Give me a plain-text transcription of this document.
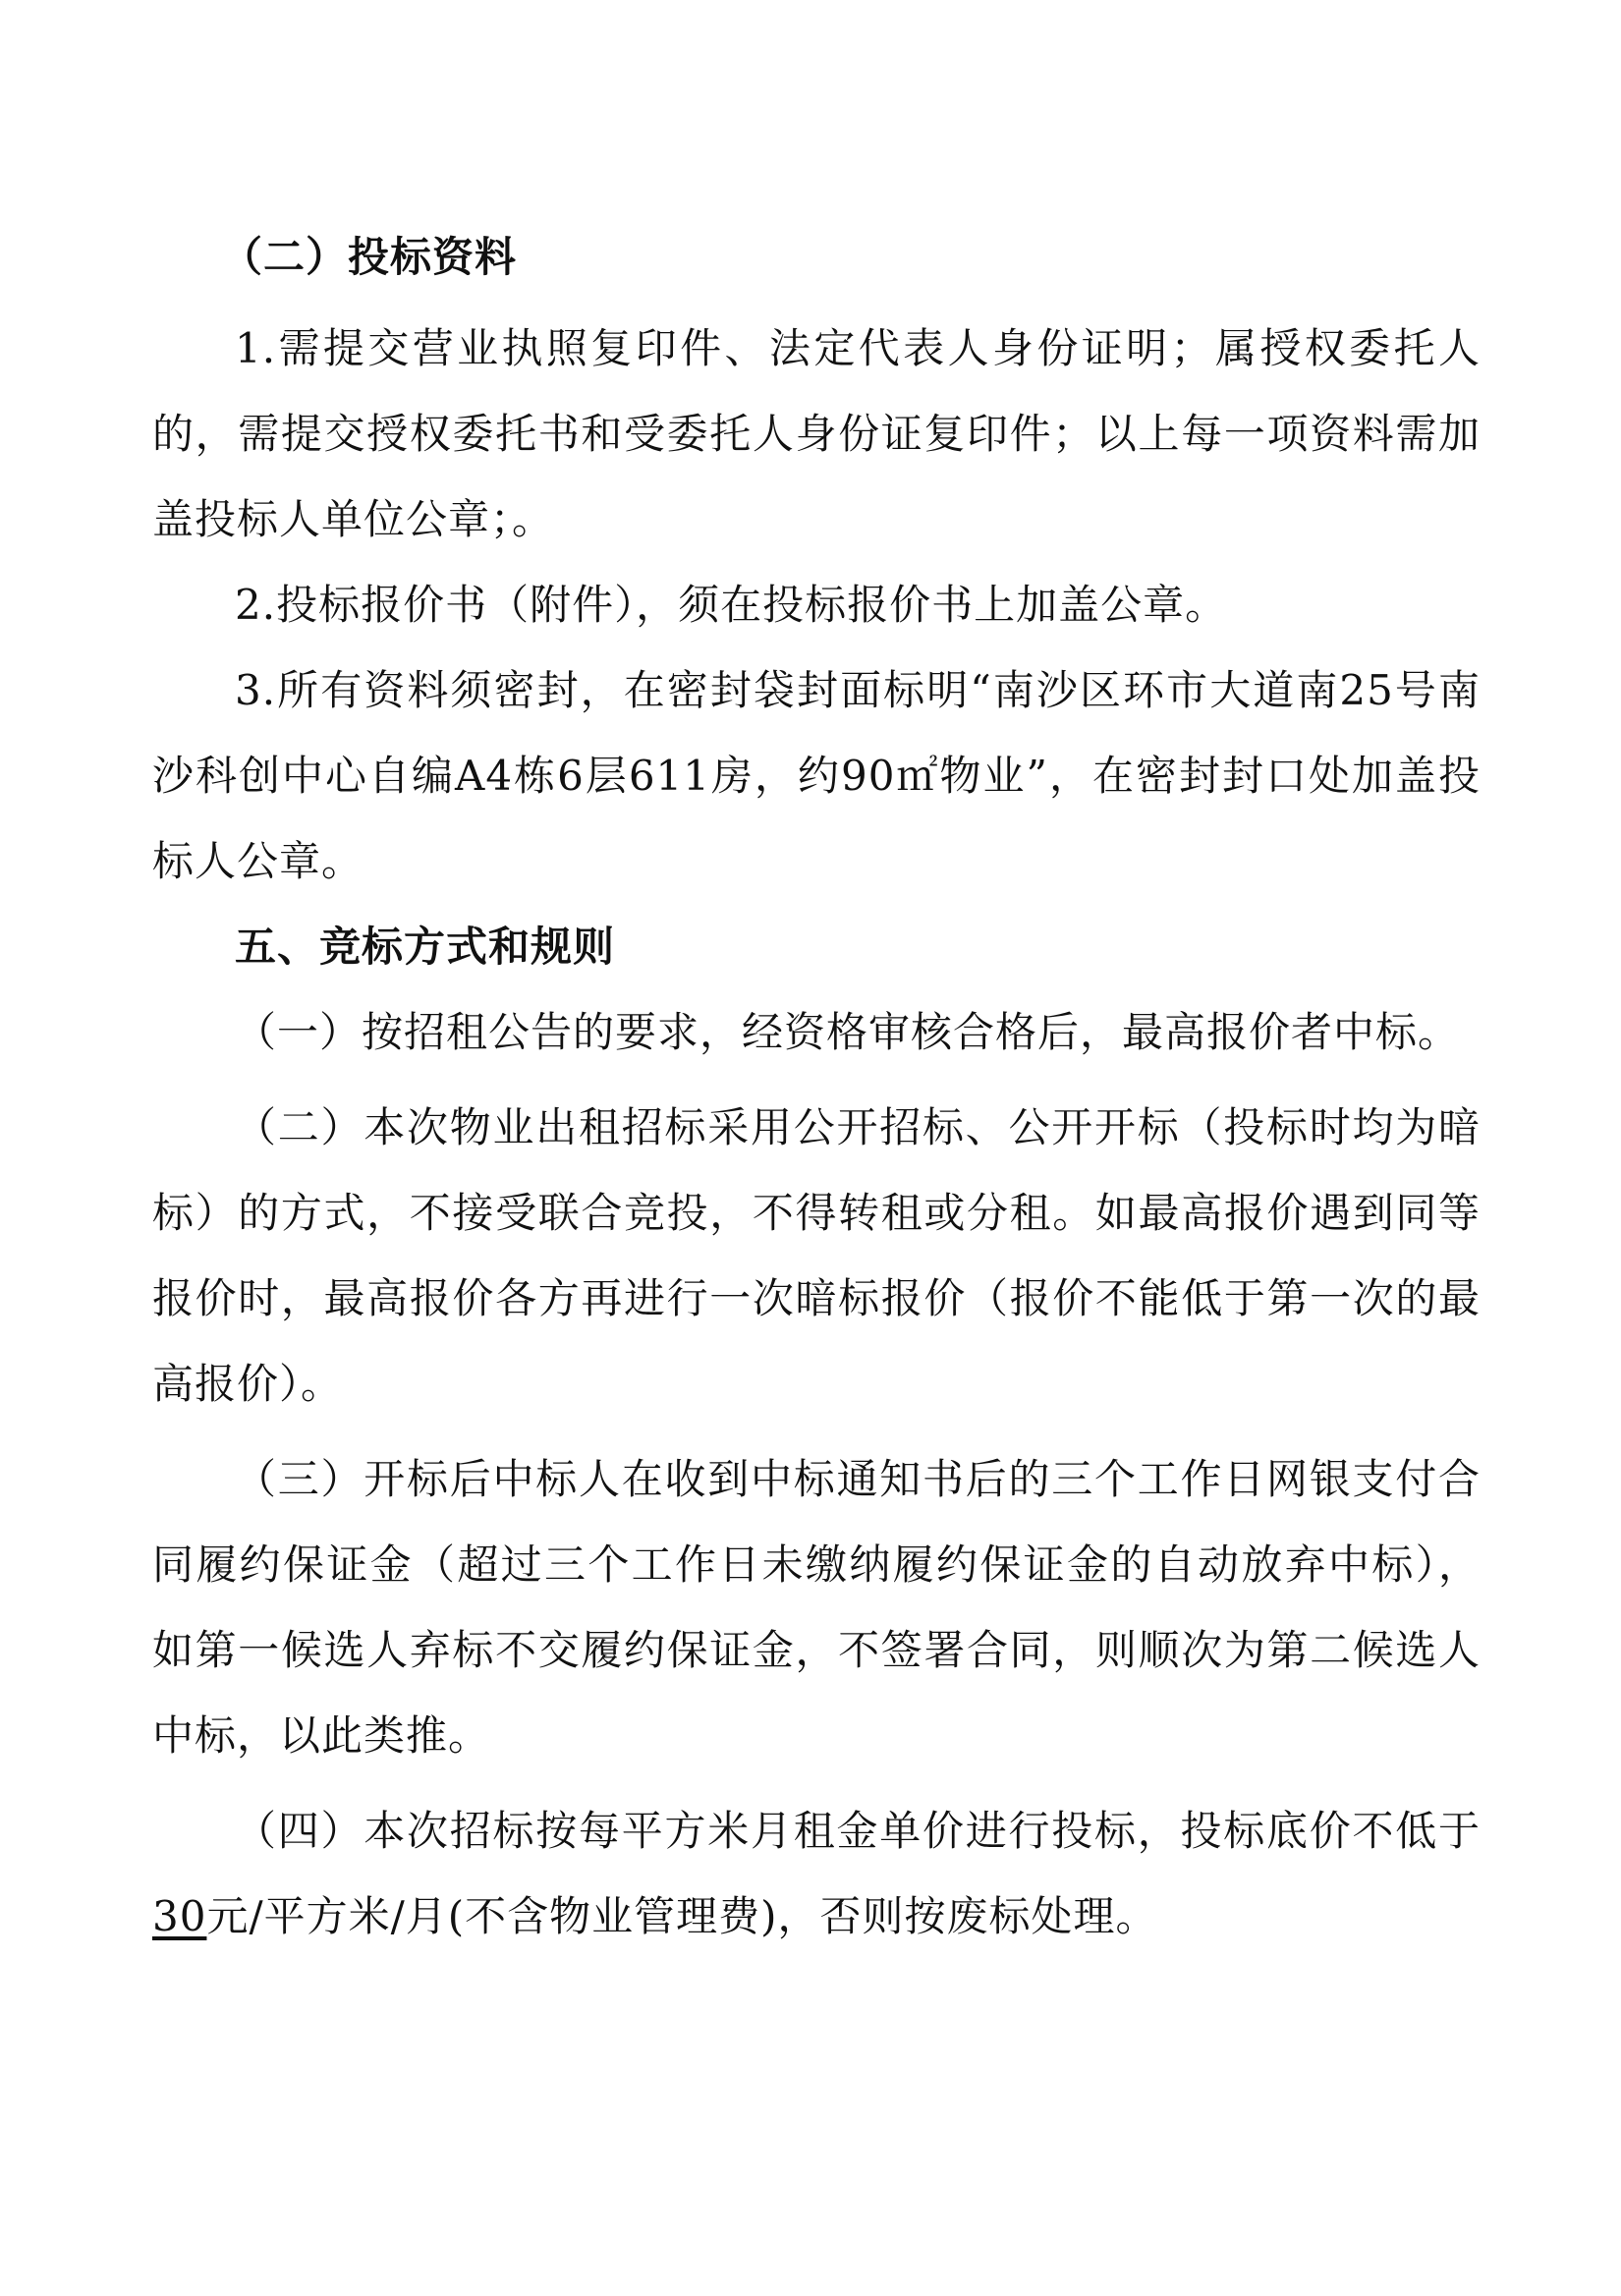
（二）投标资料

1.需提交营业执照复印件、法定代表人身份证明；属授权委托人的，需提交授权委托书和受委托人身份证复印件；以上每一项资料需加盖投标人单位公章；。

2.投标报价书（附件），须在投标报价书上加盖公章。

3.所有资料须密封，在密封袋封面标明“南沙区环市大道南25号南沙科创中心自编A4栋6层611房，约90㎡物业”，在密封封口处加盖投标人公章。

五、竞标方式和规则

（一）按招租公告的要求，经资格审核合格后，最高报价者中标。

（二）本次物业出租招标采用公开招标、公开开标（投标时均为暗标）的方式，不接受联合竞投，不得转租或分租。如最高报价遇到同等报价时，最高报价各方再进行一次暗标报价（报价不能低于第一次的最高报价）。

（三）开标后中标人在收到中标通知书后的三个工作日网银支付合同履约保证金（超过三个工作日未缴纳履约保证金的自动放弃中标），如第一候选人弃标不交履约保证金，不签署合同，则顺次为第二候选人中标，以此类推。

（四）本次招标按每平方米月租金单价进行投标，投标底价不低于30元/平方米/月(不含物业管理费)，否则按废标处理。
